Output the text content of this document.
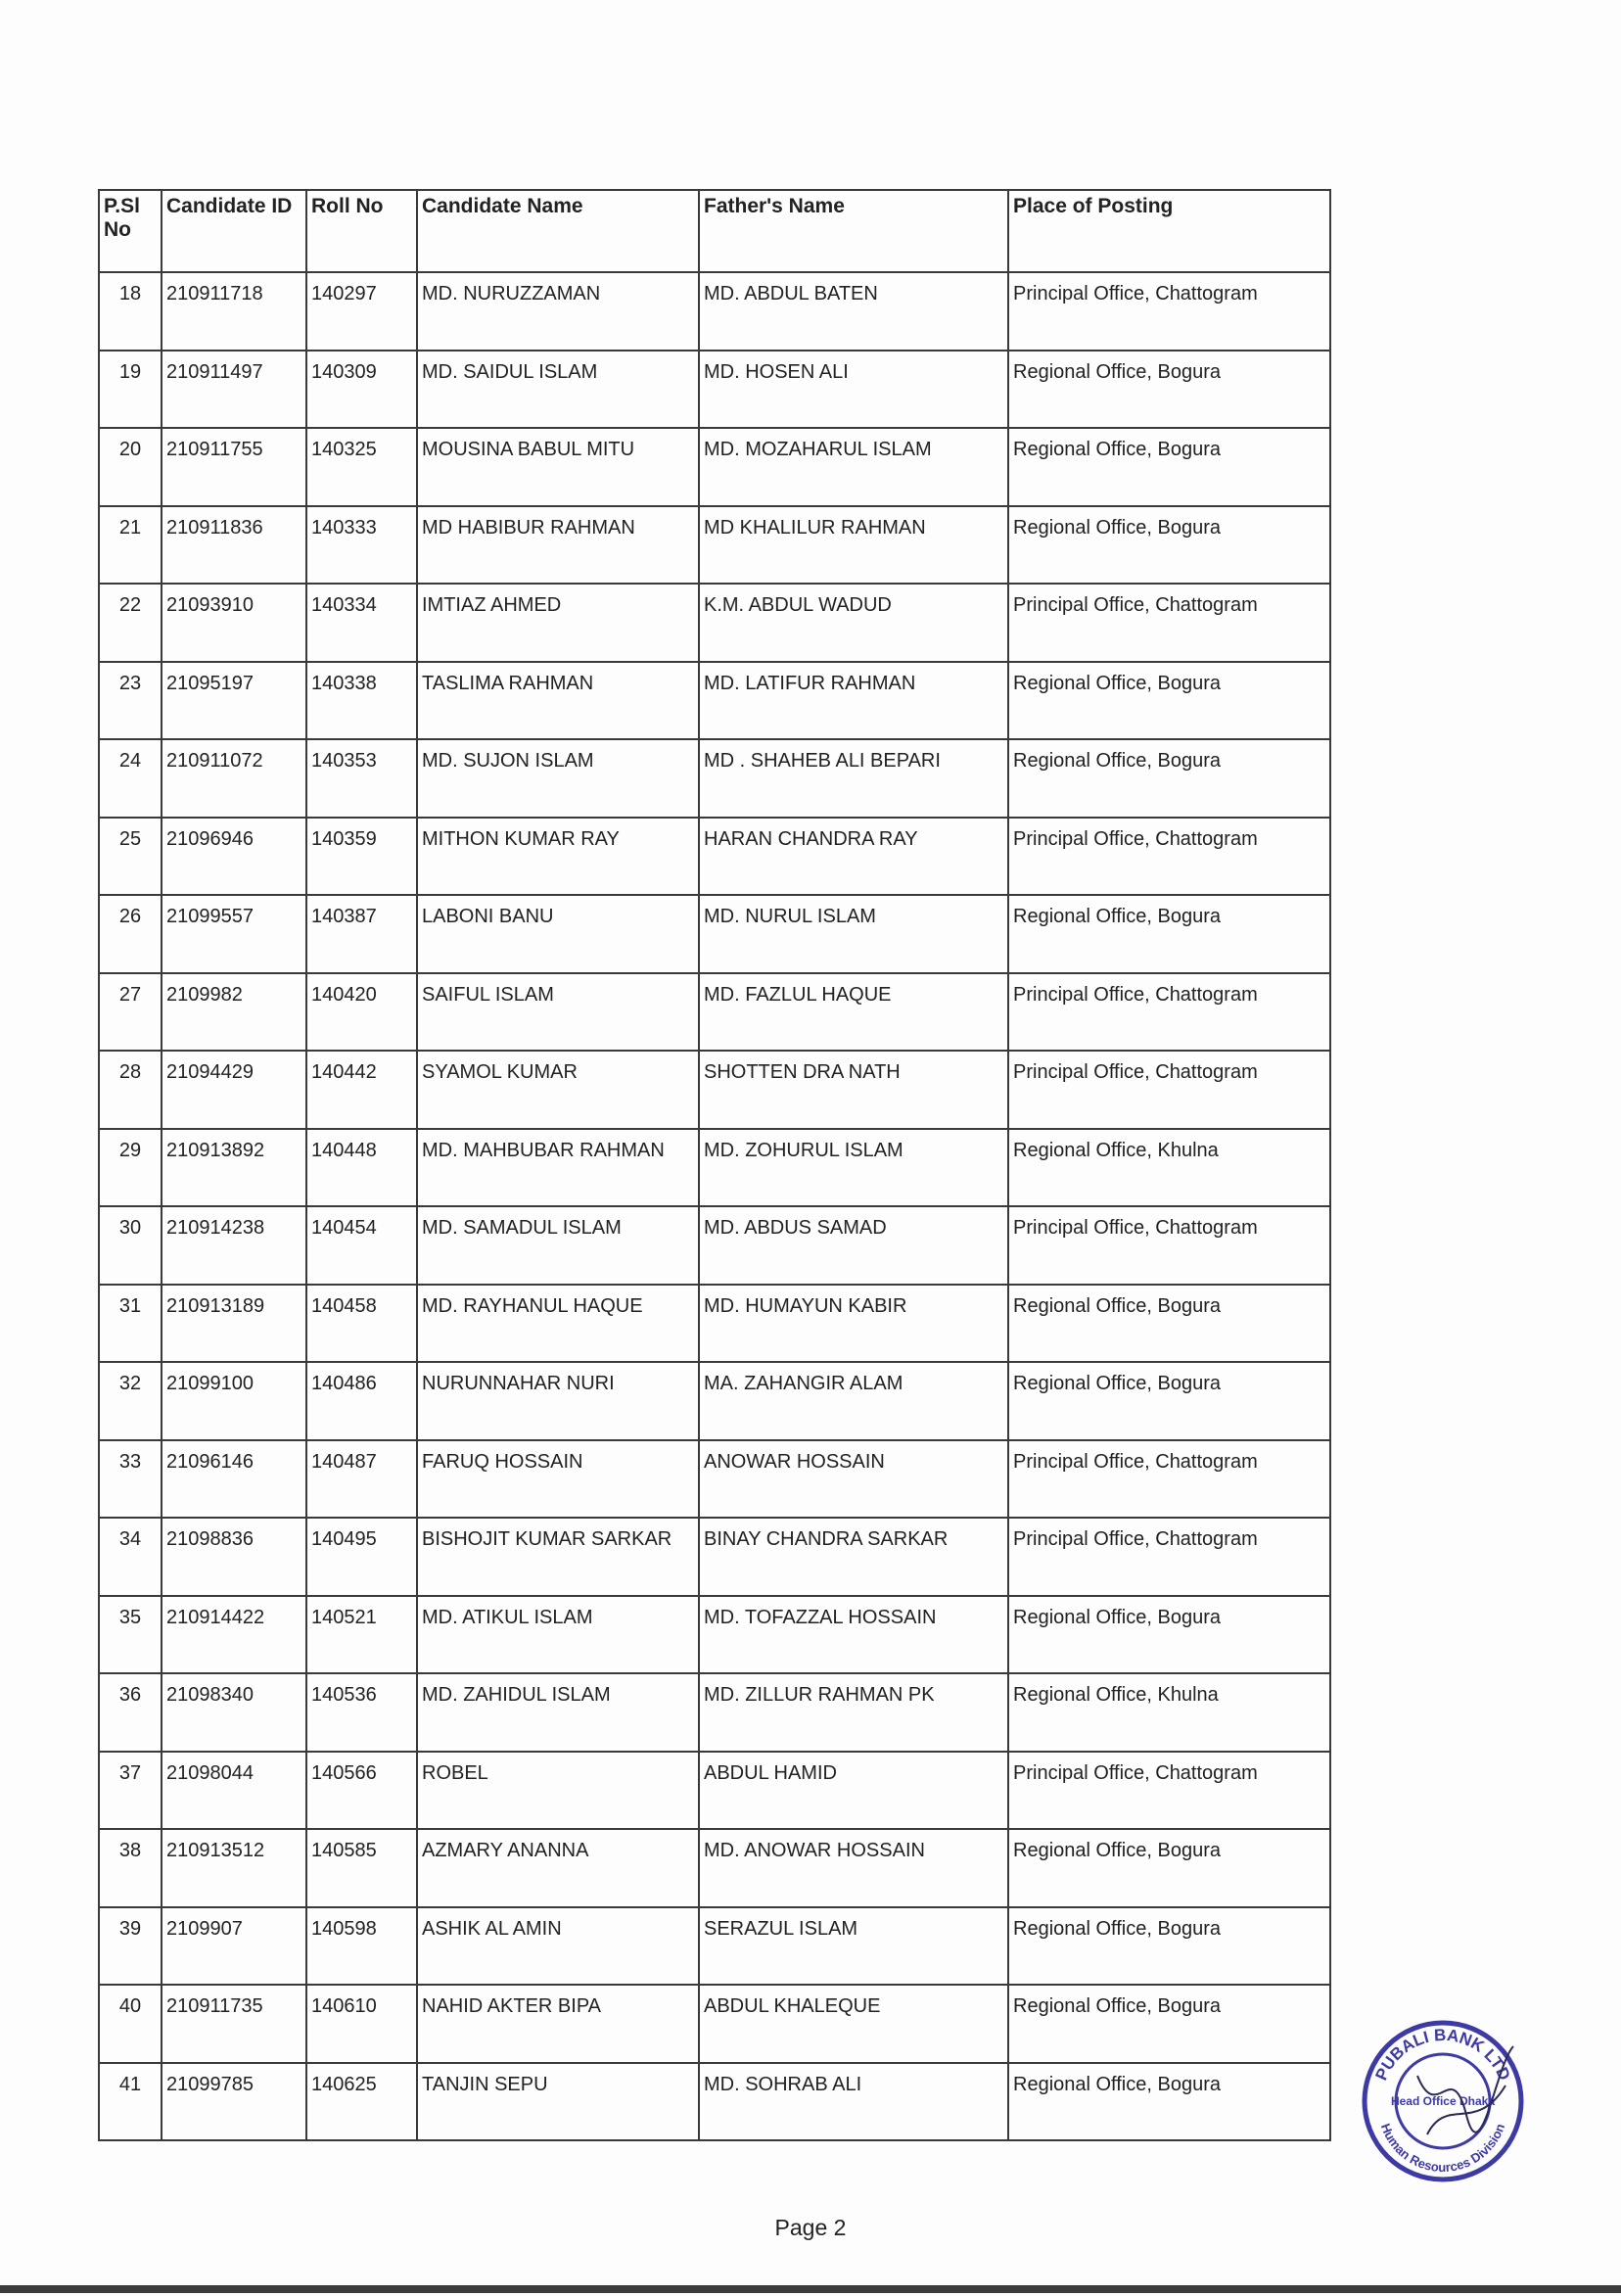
P.Sl No	Candidate ID	Roll No	Candidate Name	Father's Name	Place of Posting
18	210911718	140297	MD. NURUZZAMAN	MD. ABDUL BATEN	Principal Office, Chattogram
19	210911497	140309	MD. SAIDUL ISLAM	MD. HOSEN ALI	Regional Office, Bogura
20	210911755	140325	MOUSINA BABUL MITU	MD. MOZAHARUL ISLAM	Regional Office, Bogura
21	210911836	140333	MD HABIBUR RAHMAN	MD KHALILUR RAHMAN	Regional Office, Bogura
22	21093910	140334	IMTIAZ AHMED	K.M. ABDUL WADUD	Principal Office, Chattogram
23	21095197	140338	TASLIMA RAHMAN	MD. LATIFUR RAHMAN	Regional Office, Bogura
24	210911072	140353	MD. SUJON ISLAM	MD . SHAHEB ALI BEPARI	Regional Office, Bogura
25	21096946	140359	MITHON KUMAR RAY	HARAN CHANDRA RAY	Principal Office, Chattogram
26	21099557	140387	LABONI BANU	MD. NURUL ISLAM	Regional Office, Bogura
27	2109982	140420	SAIFUL ISLAM	MD. FAZLUL HAQUE	Principal Office, Chattogram
28	21094429	140442	SYAMOL KUMAR	SHOTTEN DRA NATH	Principal Office, Chattogram
29	210913892	140448	MD. MAHBUBAR RAHMAN	MD. ZOHURUL ISLAM	Regional Office, Khulna
30	210914238	140454	MD. SAMADUL ISLAM	MD. ABDUS SAMAD	Principal Office, Chattogram
31	210913189	140458	MD. RAYHANUL HAQUE	MD. HUMAYUN KABIR	Regional Office, Bogura
32	21099100	140486	NURUNNAHAR NURI	MA. ZAHANGIR ALAM	Regional Office, Bogura
33	21096146	140487	FARUQ HOSSAIN	ANOWAR HOSSAIN	Principal Office, Chattogram
34	21098836	140495	BISHOJIT KUMAR SARKAR	BINAY CHANDRA SARKAR	Principal Office, Chattogram
35	210914422	140521	MD. ATIKUL ISLAM	MD. TOFAZZAL HOSSAIN	Regional Office, Bogura
36	21098340	140536	MD. ZAHIDUL ISLAM	MD. ZILLUR RAHMAN PK	Regional Office, Khulna
37	21098044	140566	ROBEL	ABDUL HAMID	Principal Office, Chattogram
38	210913512	140585	AZMARY ANANNA	MD. ANOWAR HOSSAIN	Regional Office, Bogura
39	2109907	140598	ASHIK AL AMIN	SERAZUL ISLAM	Regional Office, Bogura
40	210911735	140610	NAHID AKTER BIPA	ABDUL KHALEQUE	Regional Office, Bogura
41	21099785	140625	TANJIN SEPU	MD. SOHRAB ALI	Regional Office, Bogura
Page 2
PUBALI BANK LTD
Human Resources Division
Head Office Dhaka
